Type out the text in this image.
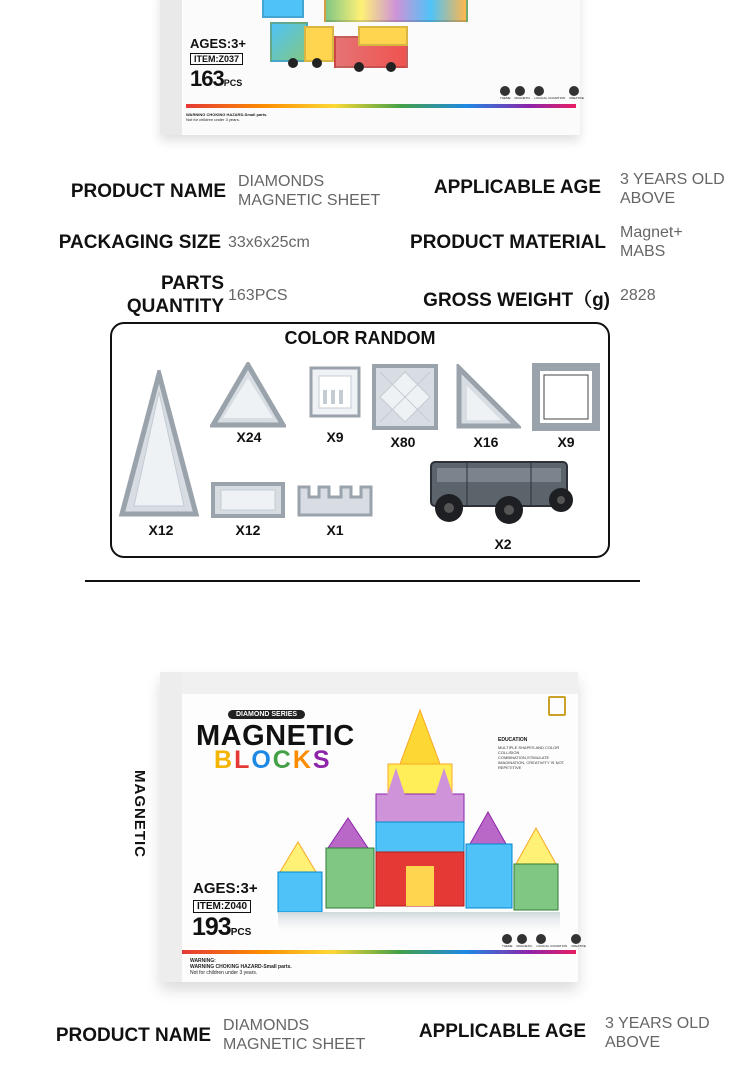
AGES:3+
ITEM:Z037
163PCS
WARNING CHOKING HAZARD-Small parts.
Not for children under 3 years.
THEME MAGNETIC LOGICAL COGNITION CREATIVE
PRODUCT NAME DIAMONDS
MAGNETIC SHEET
APPLICABLE AGE 3 YEARS OLD
ABOVE
PACKAGING SIZE 33x6x25cm	PRODUCT MATERIAL Magnet+
MABS
PARTS
QUANTITY
163PCS	GROSS WEIGHT（g) 2828
COLOR RANDOM
X12
X24	X9	X80	X16	X9
X12	X1
X2
MAGNETIC
DIAMOND SERIES
MAGNETIC
BLOCKS
EDUCATION
MULTIPLE SHAPES AND COLOR COLLISION COMBINATION,STIMULATE IMAGINATION, CREATIVITY IS NOT REPETITIVE
AGES:3+
ITEM:Z040
193PCS
WARNING:
WARNING CHOKING HAZARD-Small parts.
Not for children under 3 years.
THEME MAGNETIC LOGICAL COGNITION CREATIVE
PRODUCT NAME DIAMONDS
MAGNETIC SHEET
APPLICABLE AGE 3 YEARS OLD
ABOVE
